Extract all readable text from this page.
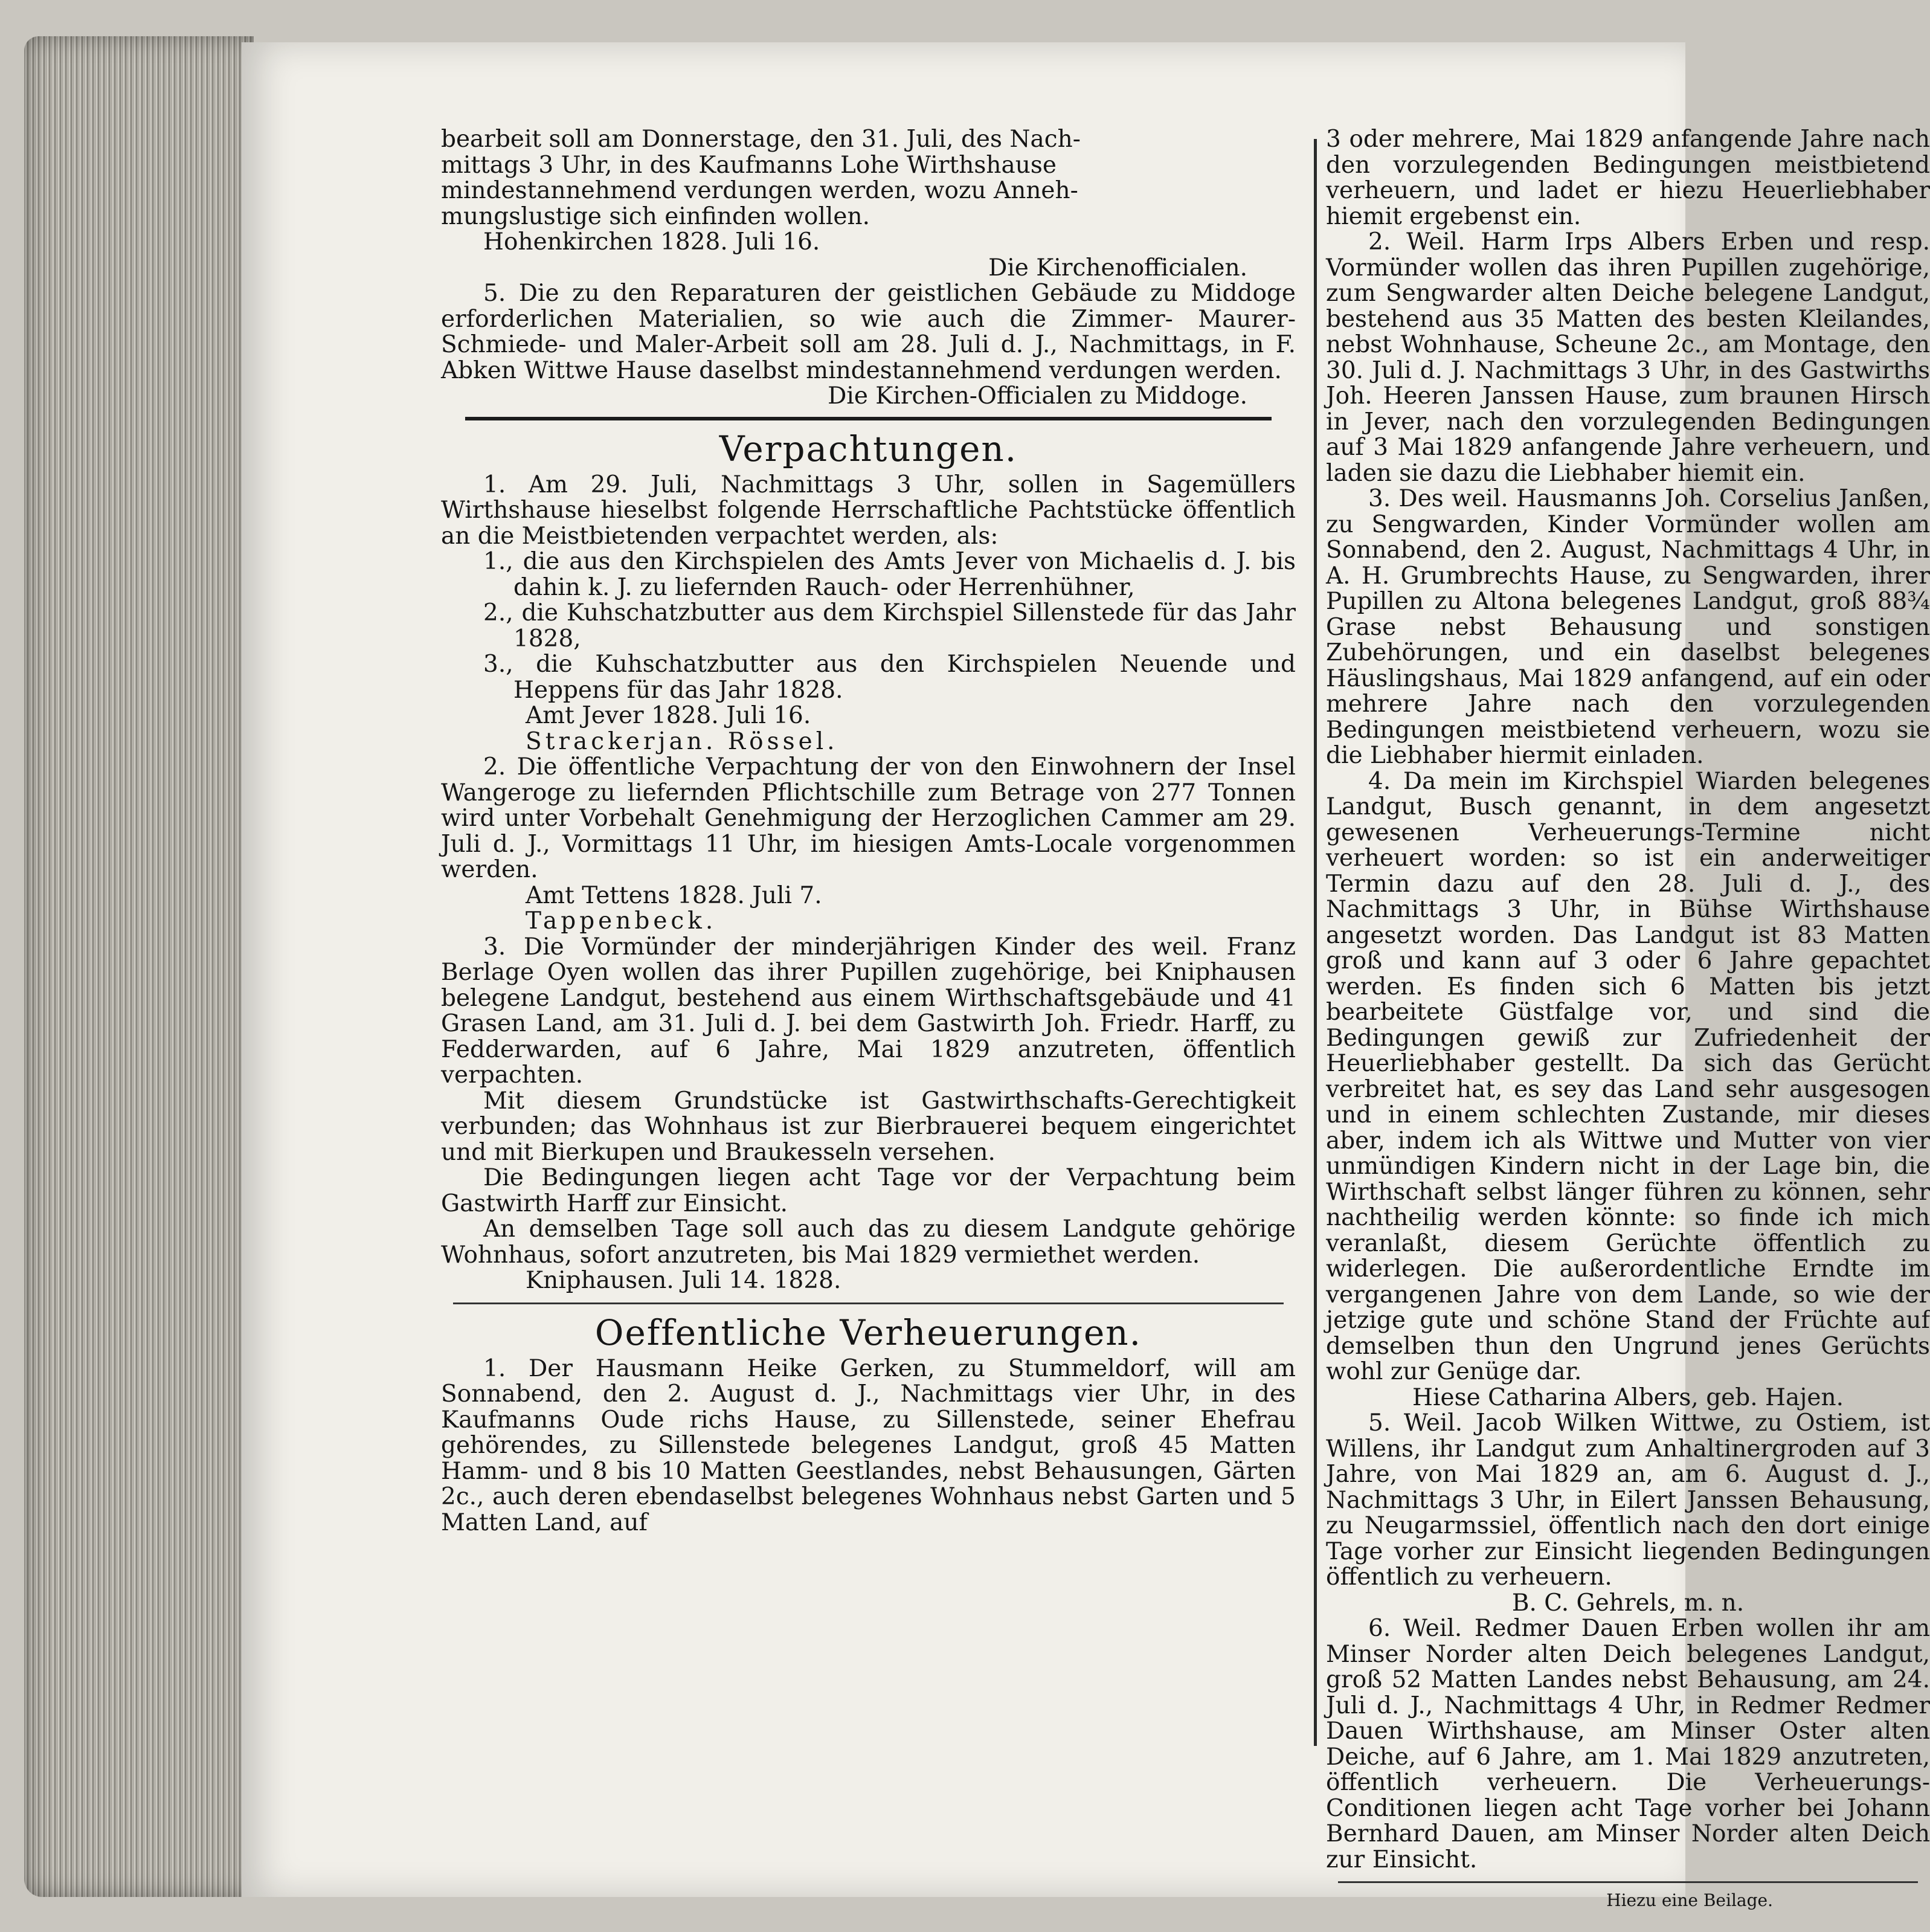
bearbeit soll am Donnerstage, den 31. Juli, des Nach-

mittags 3 Uhr, in des Kaufmanns Lohe Wirthshause

mindestannehmend verdungen werden, wozu Anneh-

mungslustige sich einfinden wollen.

Hohenkirchen 1828. Juli 16.

Die Kirchenofficialen.

5. Die zu den Reparaturen der geistlichen Gebäude zu Middoge erforderlichen Materialien, so wie auch die Zimmer- Maurer- Schmiede- und Maler-Arbeit soll am 28. Juli d. J., Nachmittags, in F. Abken Wittwe Hause daselbst mindestannehmend verdungen werden.

Die Kirchen-Officialen zu Middoge.

Verpachtungen.

1. Am 29. Juli, Nachmittags 3 Uhr, sollen in Sagemüllers Wirthshause hieselbst folgende Herrschaftliche Pachtstücke öffentlich an die Meistbietenden verpachtet werden, als:

1., die aus den Kirchspielen des Amts Jever von Michaelis d. J. bis dahin k. J. zu liefernden Rauch- oder Herrenhühner,

2., die Kuhschatzbutter aus dem Kirchspiel Sillenstede für das Jahr 1828,

3., die Kuhschatzbutter aus den Kirchspielen Neuende und Heppens für das Jahr 1828.

Amt Jever 1828. Juli 16.

Strackerjan. Rössel.

2. Die öffentliche Verpachtung der von den Einwohnern der Insel Wangeroge zu liefernden Pflichtschille zum Betrage von 277 Tonnen wird unter Vorbehalt Genehmigung der Herzoglichen Cammer am 29. Juli d. J., Vormittags 11 Uhr, im hiesigen Amts-Locale vorgenommen werden.

Amt Tettens 1828. Juli 7.

Tappenbeck.

3. Die Vormünder der minderjährigen Kinder des weil. Franz Berlage Oyen wollen das ihrer Pupillen zugehörige, bei Kniphausen belegene Landgut, bestehend aus einem Wirthschaftsgebäude und 41 Grasen Land, am 31. Juli d. J. bei dem Gastwirth Joh. Friedr. Harff, zu Fedderwarden, auf 6 Jahre, Mai 1829 anzutreten, öffentlich verpachten.

Mit diesem Grundstücke ist Gastwirthschafts-Gerechtigkeit verbunden; das Wohnhaus ist zur Bierbrauerei bequem eingerichtet und mit Bierkupen und Braukesseln versehen.

Die Bedingungen liegen acht Tage vor der Verpachtung beim Gastwirth Harff zur Einsicht.

An demselben Tage soll auch das zu diesem Landgute gehörige Wohnhaus, sofort anzutreten, bis Mai 1829 vermiethet werden.

Kniphausen. Juli 14. 1828.

Oeffentliche Verheuerungen.

1. Der Hausmann Heike Gerken, zu Stummeldorf, will am Sonnabend, den 2. August d. J., Nachmittags vier Uhr, in des Kaufmanns Oude richs Hause, zu Sillenstede, seiner Ehefrau gehörendes, zu Sillenstede belegenes Landgut, groß 45 Matten Hamm- und 8 bis 10 Matten Geestlandes, nebst Behausungen, Gärten 2c., auch deren ebendaselbst belegenes Wohnhaus nebst Garten und 5 Matten Land, auf

3 oder mehrere, Mai 1829 anfangende Jahre nach den vorzulegenden Bedingungen meistbietend verheuern, und ladet er hiezu Heuerliebhaber hiemit ergebenst ein.

2. Weil. Harm Irps Albers Erben und resp. Vormünder wollen das ihren Pupillen zugehörige, zum Sengwarder alten Deiche belegene Landgut, bestehend aus 35 Matten des besten Kleilandes, nebst Wohnhause, Scheune 2c., am Montage, den 30. Juli d. J. Nachmittags 3 Uhr, in des Gastwirths Joh. Heeren Janssen Hause, zum braunen Hirsch in Jever, nach den vorzulegenden Bedingungen auf 3 Mai 1829 anfangende Jahre verheuern, und laden sie dazu die Liebhaber hiemit ein.

3. Des weil. Hausmanns Joh. Corselius Janßen, zu Sengwarden, Kinder Vormünder wollen am Sonnabend, den 2. August, Nachmittags 4 Uhr, in A. H. Grumbrechts Hause, zu Sengwarden, ihrer Pupillen zu Altona belegenes Landgut, groß 88¾ Grase nebst Behausung und sonstigen Zubehörungen, und ein daselbst belegenes Häuslingshaus, Mai 1829 anfangend, auf ein oder mehrere Jahre nach den vorzulegenden Bedingungen meistbietend verheuern, wozu sie die Liebhaber hiermit einladen.

4. Da mein im Kirchspiel Wiarden belegenes Landgut, Busch genannt, in dem angesetzt gewesenen Verheuerungs-Termine nicht verheuert worden: so ist ein anderweitiger Termin dazu auf den 28. Juli d. J., des Nachmittags 3 Uhr, in Bühse Wirthshause angesetzt worden. Das Landgut ist 83 Matten groß und kann auf 3 oder 6 Jahre gepachtet werden. Es finden sich 6 Matten bis jetzt bearbeitete Güstfalge vor, und sind die Bedingungen gewiß zur Zufriedenheit der Heuerliebhaber gestellt. Da sich das Gerücht verbreitet hat, es sey das Land sehr ausgesogen und in einem schlechten Zustande, mir dieses aber, indem ich als Wittwe und Mutter von vier unmündigen Kindern nicht in der Lage bin, die Wirthschaft selbst länger führen zu können, sehr nachtheilig werden könnte: so finde ich mich veranlaßt, diesem Gerüchte öffentlich zu widerlegen. Die außerordentliche Erndte im vergangenen Jahre von dem Lande, so wie der jetzige gute und schöne Stand der Früchte auf demselben thun den Ungrund jenes Gerüchts wohl zur Genüge dar.

Hiese Catharina Albers, geb. Hajen.

5. Weil. Jacob Wilken Wittwe, zu Ostiem, ist Willens, ihr Landgut zum Anhaltinergroden auf 3 Jahre, von Mai 1829 an, am 6. August d. J., Nachmittags 3 Uhr, in Eilert Janssen Behausung, zu Neugarmssiel, öffentlich nach den dort einige Tage vorher zur Einsicht liegenden Bedingungen öffentlich zu verheuern.

B. C. Gehrels, m. n.

6. Weil. Redmer Dauen Erben wollen ihr am Minser Norder alten Deich belegenes Landgut, groß 52 Matten Landes nebst Behausung, am 24. Juli d. J., Nachmittags 4 Uhr, in Redmer Redmer Dauen Wirthshause, am Minser Oster alten Deiche, auf 6 Jahre, am 1. Mai 1829 anzutreten, öffentlich verheuern. Die Verheuerungs-Conditionen liegen acht Tage vorher bei Johann Bernhard Dauen, am Minser Norder alten Deich zur Einsicht.

Hiezu eine Beilage.
